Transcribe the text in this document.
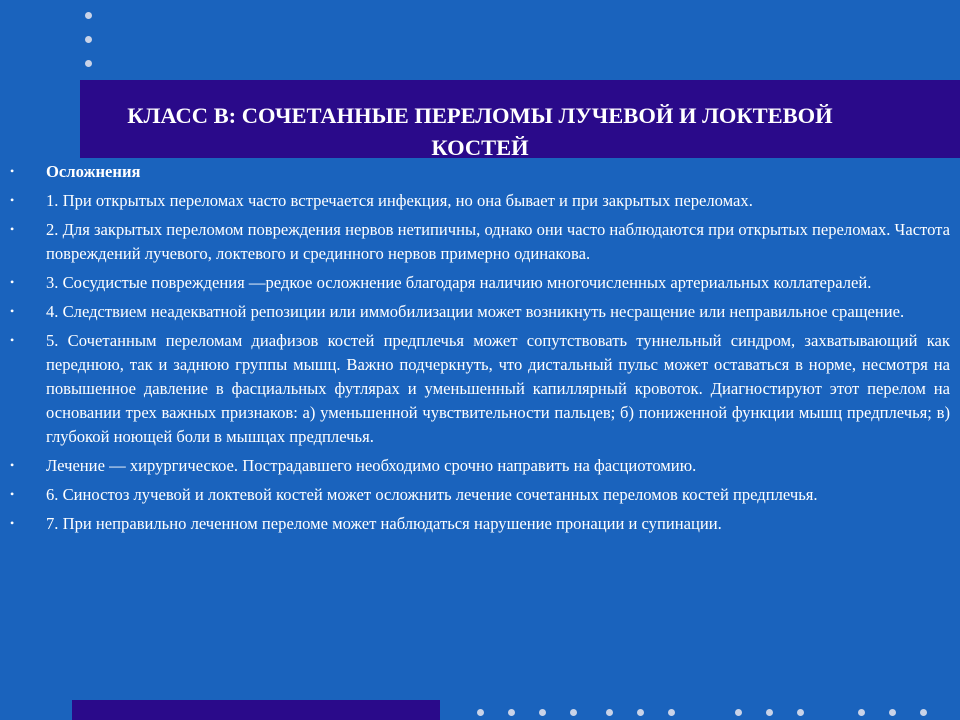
КЛАСС В: СОЧЕТАННЫЕ ПЕРЕЛОМЫ ЛУЧЕВОЙ И ЛОКТЕВОЙ КОСТЕЙ
• Осложнения
• 1. При открытых переломах часто встречается инфекция, но она бывает и при закрытых переломах.
• 2. Для закрытых переломом повреждения нервов нетипичны, однако они часто наблюдаются при открытых переломах. Частота повреждений лучевого, локтевого и срединного нервов примерно одинакова.
• 3. Сосудистые повреждения —редкое осложнение благодаря наличию многочисленных артериальных коллатералей.
• 4. Следствием неадекватной репозиции или иммобилизации может возникнуть несращение или неправильное сращение.
• 5. Сочетанным переломам диафизов костей предплечья может сопутствовать туннельный синдром, захватывающий как переднюю, так и заднюю группы мышц. Важно подчеркнуть, что дистальный пульс может оставаться в норме, несмотря на повышенное давление в фасциальных футлярах и уменьшенный капиллярный кровоток. Диагностируют этот перелом на основании трех важных признаков: а) уменьшенной чувствительности пальцев; б) пониженной функции мышц предплечья; в) глубокой ноющей боли в мышцах предплечья.
• Лечение — хирургическое. Пострадавшего необходимо срочно направить на фасциотомию.
• 6. Синостоз лучевой и локтевой костей может осложнить лечение сочетанных переломов костей предплечья.
• 7. При неправильно леченном переломе может наблюдаться нарушение пронации и супинации.
